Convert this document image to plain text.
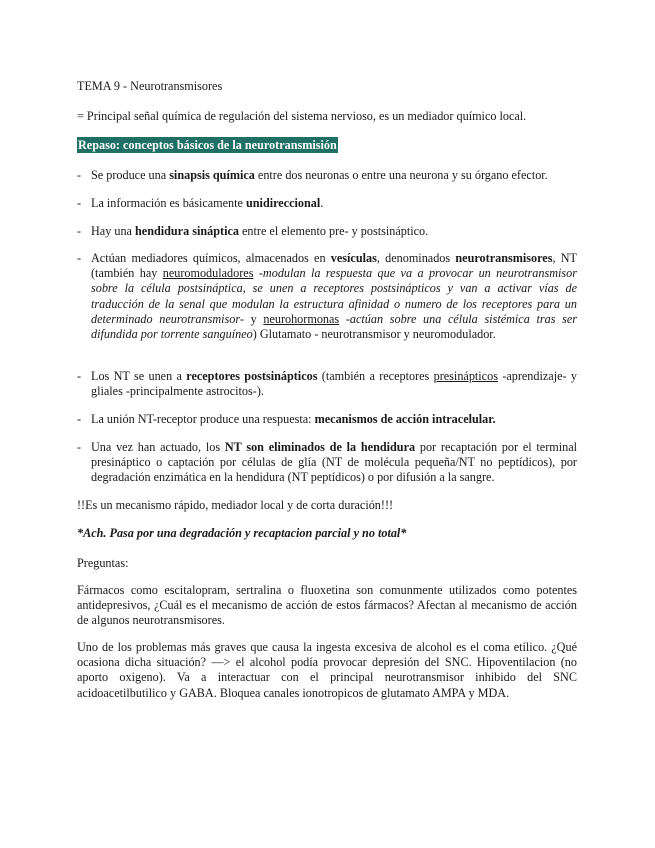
TEMA 9 - Neurotransmisores

= Principal señal química de regulación del sistema nervioso, es un mediador químico local.

Repaso: conceptos básicos de la neurotransmisión

- Se produce una sinapsis química entre dos neuronas o entre una neurona y su órgano efector.
- La información es básicamente unidireccional.
- Hay una hendidura sináptica entre el elemento pre- y postsináptico.
- Actúan mediadores químicos, almacenados en vesículas, denominados neurotransmisores, NT (también hay neuromoduladores -modulan la respuesta que va a provocar un neurotransmisor sobre la célula postsináptica, se unen a receptores postsinápticos y van a activar vías de traducción de la senal que modulan la estructura afinidad o numero de los receptores para un determinado neurotransmisor- y neurohormonas -actúan sobre una célula sistémica tras ser difundida por torrente sanguíneo) Glutamato - neurotransmisor y neuromodulador.
- Los NT se unen a receptores postsinápticos (también a receptores presinápticos -aprendizaje- y gliales -principalmente astrocitos-).
- La unión NT-receptor produce una respuesta: mecanismos de acción intracelular.
- Una vez han actuado, los NT son eliminados de la hendidura por recaptación por el terminal presináptico o captación por células de glía (NT de molécula pequeña/NT no peptídicos), por degradación enzimática en la hendidura (NT peptídicos) o por difusión a la sangre.

!!Es un mecanismo rápido, mediador local y de corta duración!!!

*Ach. Pasa por una degradación y recaptacion parcial y no total*

Preguntas:

Fármacos como escitalopram, sertralina o fluoxetina son comunmente utilizados como potentes antidepresivos, ¿Cuál es el mecanismo de acción de estos fármacos? Afectan al mecanismo de acción de algunos neurotransmisores.

Uno de los problemas más graves que causa la ingesta excesiva de alcohol es el coma etílico. ¿Qué ocasiona dicha situación? —> el alcohol podía provocar depresión del SNC. Hipoventilacion (no aporto oxigeno). Va a interactuar con el principal neurotransmisor inhibido del SNC acidoacetilbutilico y GABA. Bloquea canales ionotropicos de glutamato AMPA y MDA.
